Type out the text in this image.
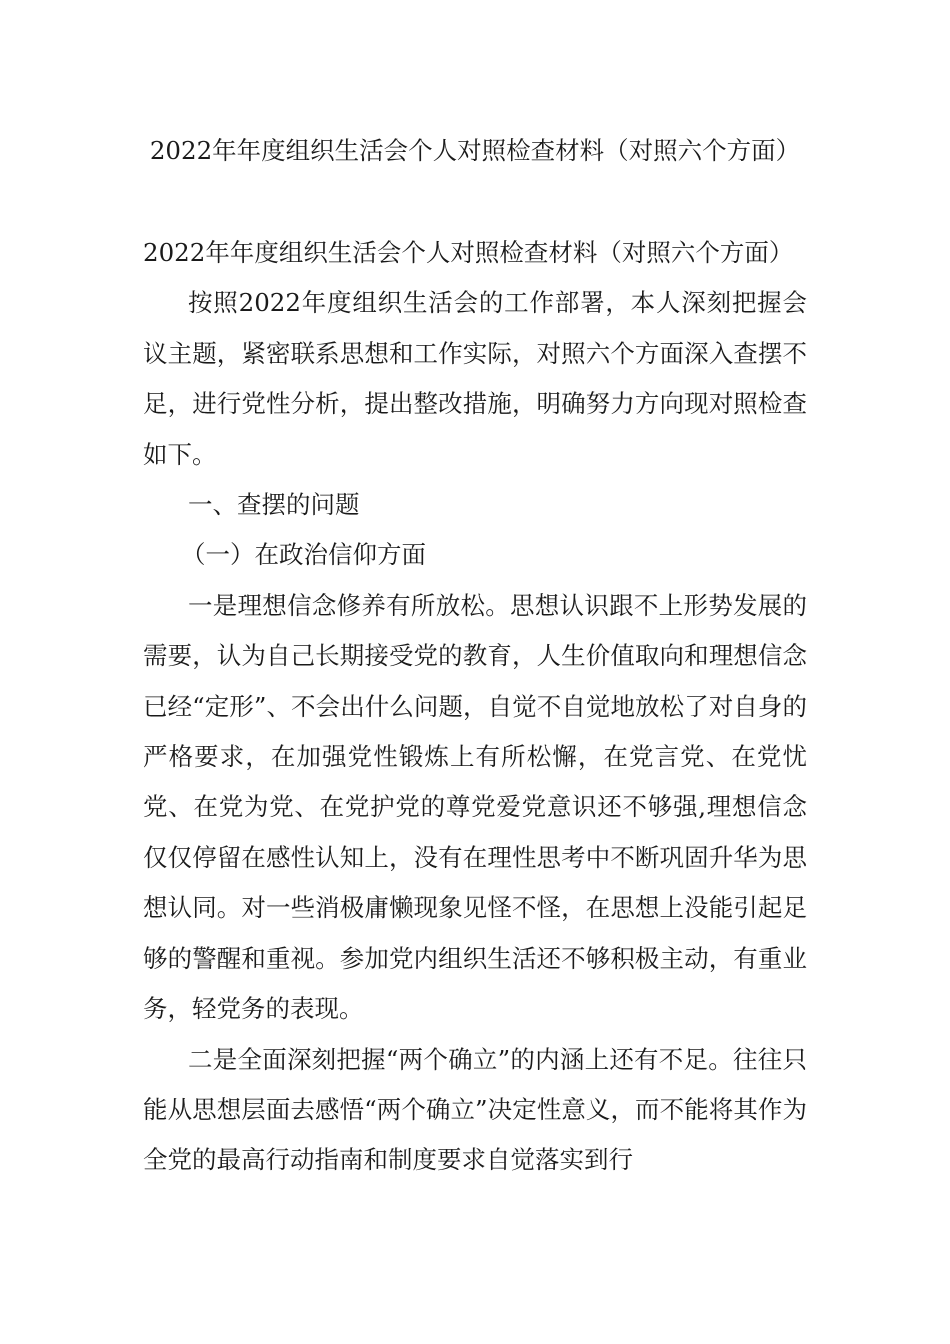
2022年年度组织生活会个人对照检查材料（对照六个方面）

2022年年度组织生活会个人对照检查材料（对照六个方面）

按照2022年度组织生活会的工作部署，本人深刻把握会议主题，紧密联系思想和工作实际，对照六个方面深入查摆不足，进行党性分析，提出整改措施，明确努力方向现对照检查如下。

一、查摆的问题

（一）在政治信仰方面

一是理想信念修养有所放松。思想认识跟不上形势发展的需要，认为自己长期接受党的教育，人生价值取向和理想信念已经“定形”、不会出什么问题，自觉不自觉地放松了对自身的严格要求，在加强党性锻炼上有所松懈，在党言党、在党忧党、在党为党、在党护党的尊党爱党意识还不够强,理想信念仅仅停留在感性认知上，没有在理性思考中不断巩固升华为思想认同。对一些消极庸懒现象见怪不怪，在思想上没能引起足够的警醒和重视。参加党内组织生活还不够积极主动，有重业务，轻党务的表现。

二是全面深刻把握“两个确立”的内涵上还有不足。往往只能从思想层面去感悟“两个确立”决定性意义，而不能将其作为全党的最高行动指南和制度要求自觉落实到行
